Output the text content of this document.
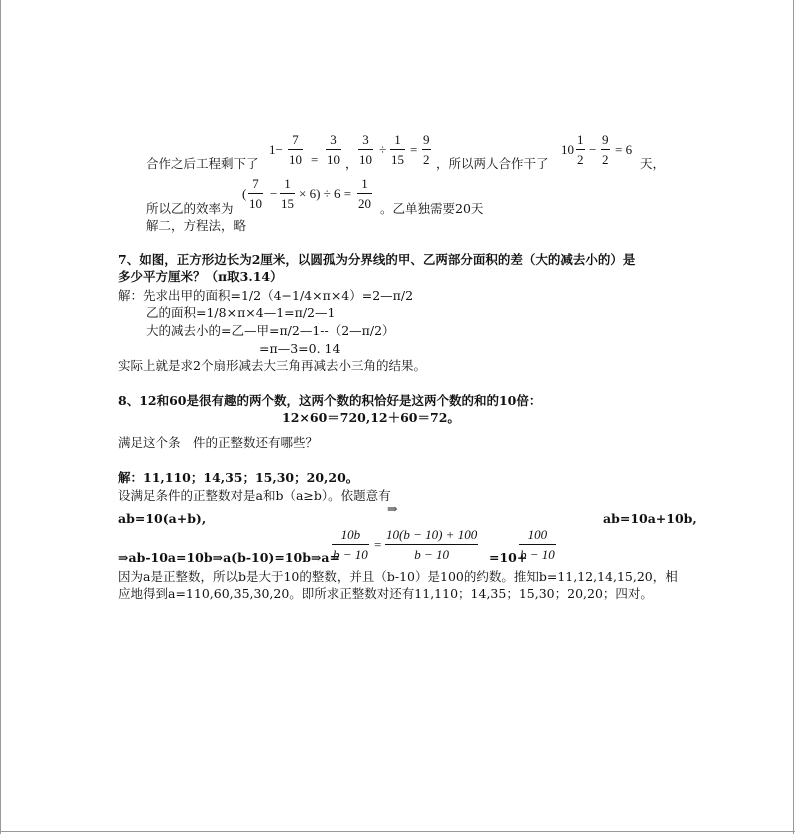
合作之后工程剩下了
1−
7
10 =
3
10 ，
3
10
÷
1
15
=
9
2 ，所以两人合作干了
10
1
2
−
9
2
= 6
天，
所以乙的效率为
(
7
10
−
1
15
× 6) ÷ 6 =
1
20 。乙单独需要20天
解二，方程法，略
7、如图，正方形边长为2厘米，以圆孤为分界线的甲、乙两部分面积的差（大的减去小的）是
多少平方厘米？（π取3.14）
解：先求出甲的面积=1/2（4−1/4×π×4）=2—π/2
乙的面积=1/8×π×4—1=π/2—1
大的减去小的=乙—甲=π/2—1--（2—π/2）
=π—3=0. 14
实际上就是求2个扇形减去大三角再减去小三角的结果。
8、12和60是很有趣的两个数，这两个数的积恰好是这两个数的和的10倍：
12×60＝720,12＋60＝72。
满足这个条　件的正整数还有哪些？
解：11,110；14,35；15,30；20,20。
设满足条件的正整数对是a和b（a≥b）。依题意有
ab=10(a+b),
⇒
ab=10a+10b,
⇒ab-10a=10b⇒a(b-10)=10b⇒a=
10b
b − 10
=
10(b − 10) + 100
b − 10	=10+
100
b − 10
因为a是正整数，所以b是大于10的整数，并且（b-10）是100的约数。推知b=11,12,14,15,20，相
应地得到a=110,60,35,30,20。即所求正整数对还有11,110；14,35；15,30；20,20；四对。
